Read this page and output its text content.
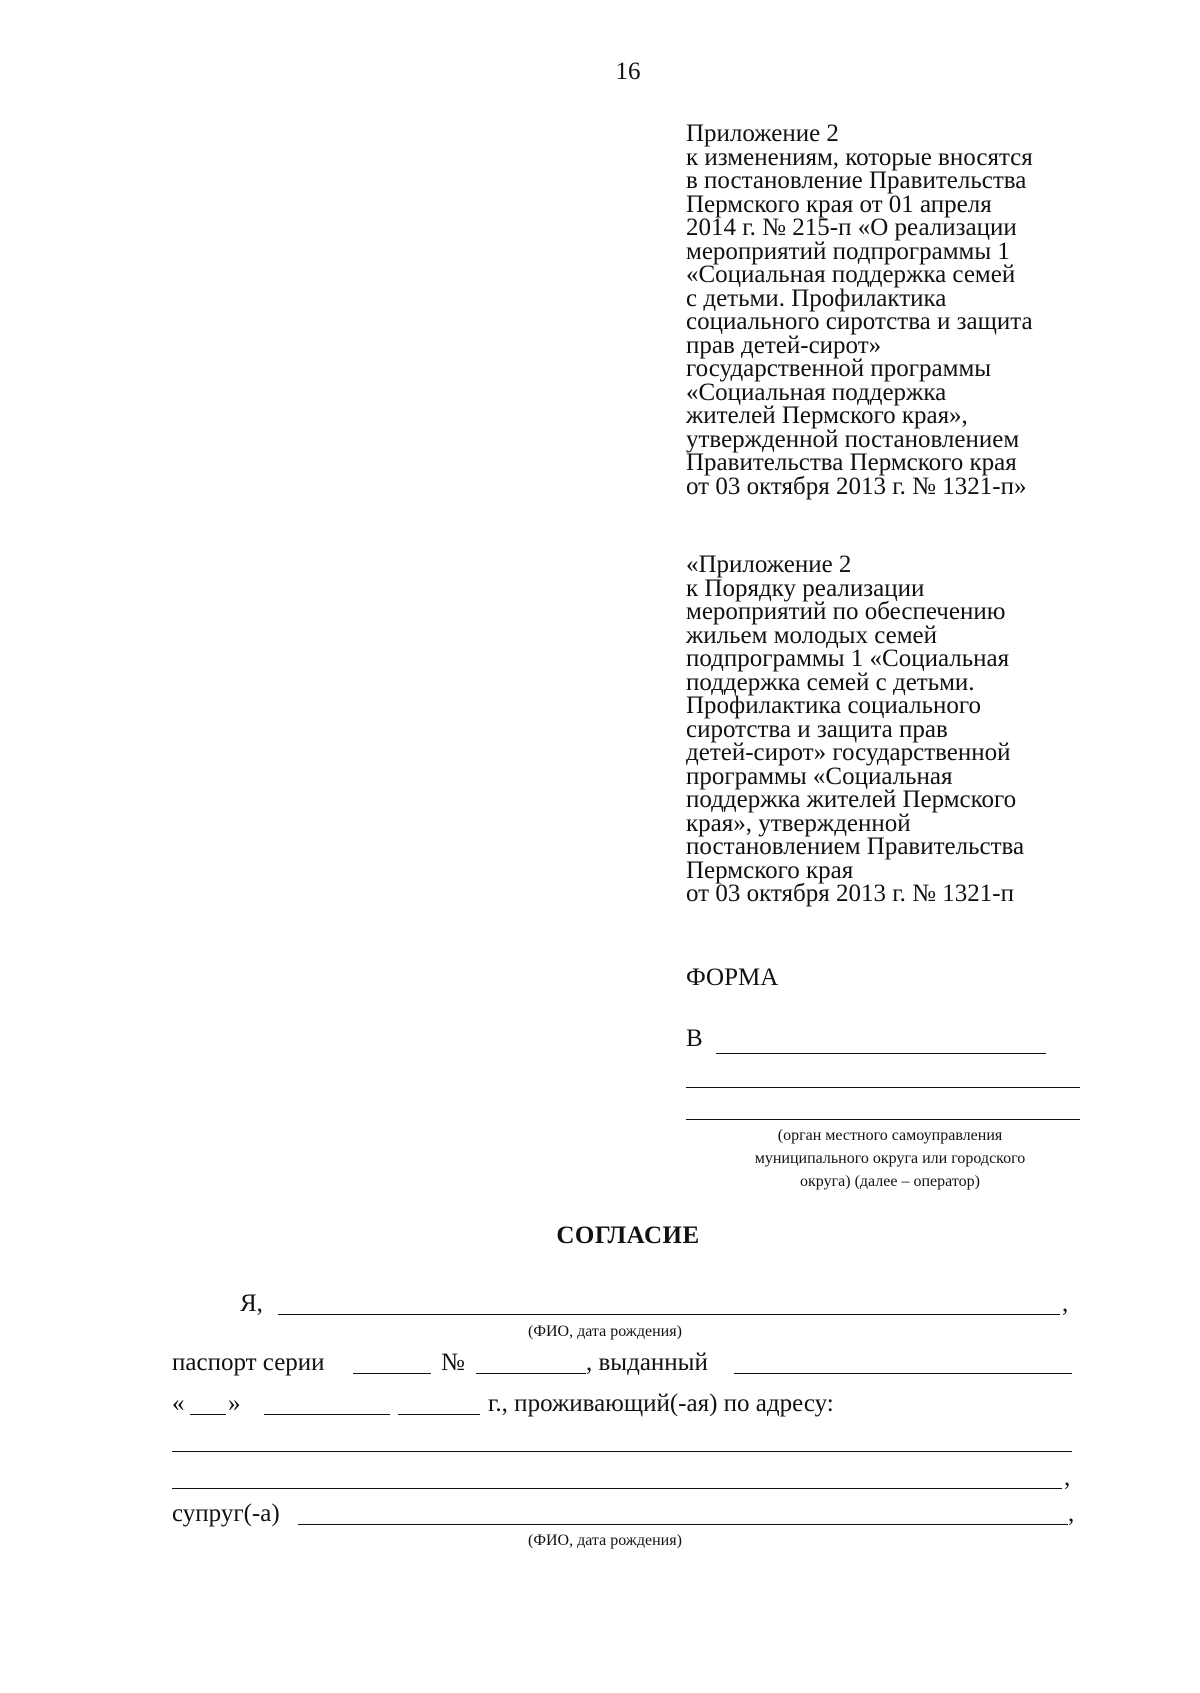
16
Приложение 2
к изменениям, которые вносятся
в постановление Правительства
Пермского края от 01 апреля
2014 г. № 215-п «О реализации
мероприятий подпрограммы 1
«Социальная поддержка семей
с детьми. Профилактика
социального сиротства и защита
прав детей-сирот»
государственной программы
«Социальная поддержка
жителей Пермского края»,
утвержденной постановлением
Правительства Пермского края
от 03 октября 2013 г. № 1321-п»
«Приложение 2
к Порядку реализации
мероприятий по обеспечению
жильем молодых семей
подпрограммы 1 «Социальная
поддержка семей с детьми.
Профилактика социального
сиротства и защита прав
детей-сирот» государственной
программы «Социальная
поддержка жителей Пермского
края», утвержденной
постановлением Правительства
Пермского края
от 03 октября 2013 г. № 1321-п
ФОРМА
В
(орган местного самоуправления
муниципального округа или городского
округа) (далее – оператор)
СОГЛАСИЕ
Я,	,
(ФИО, дата рождения)
паспорт серии	№	, выданный
« »	г., проживающий(-ая) по адресу:
,
супруг(-а)	,
(ФИО, дата рождения)
